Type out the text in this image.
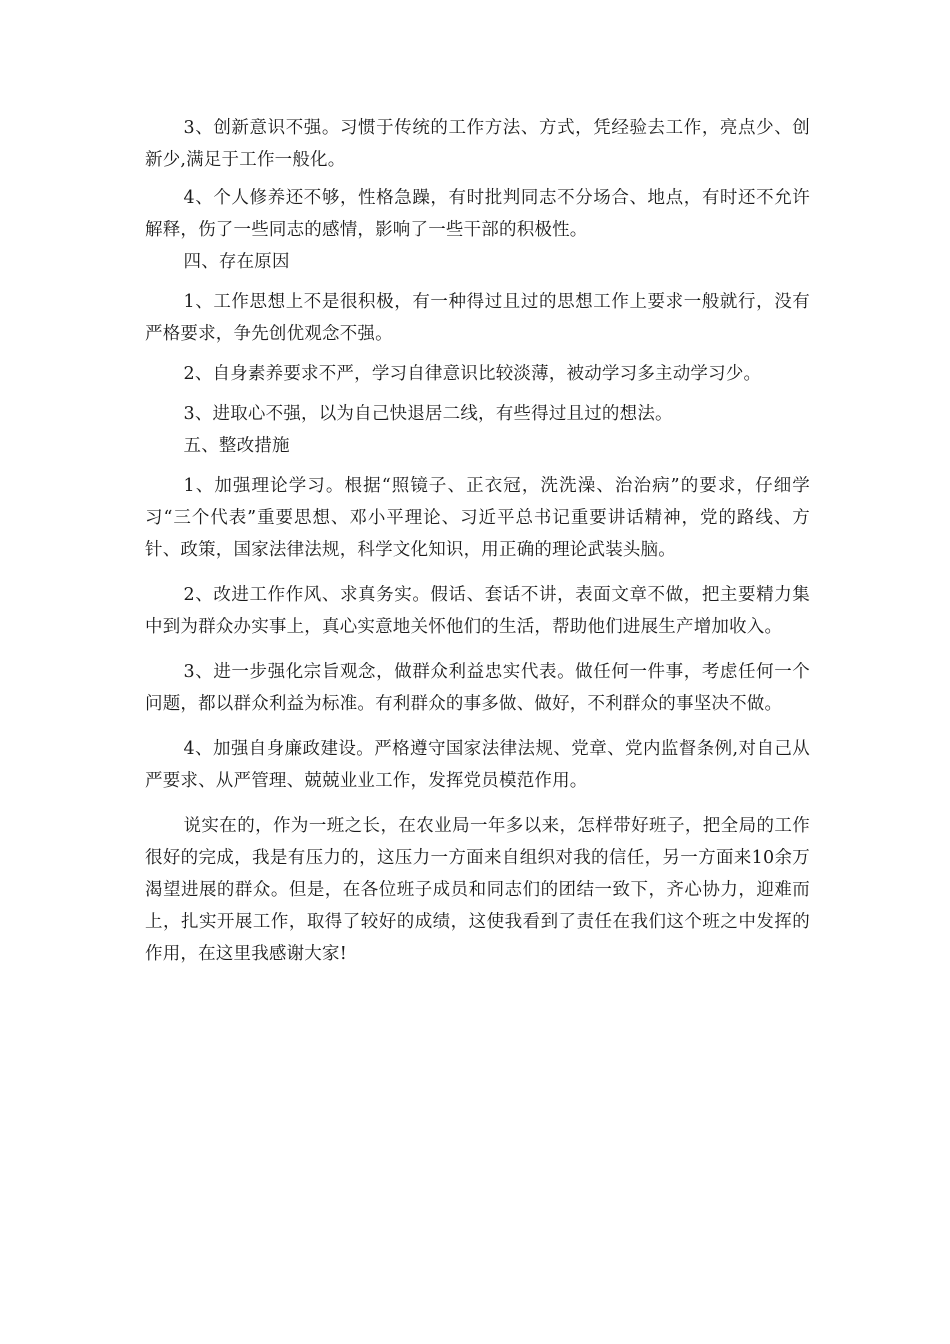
3、创新意识不强。习惯于传统的工作方法、方式，凭经验去工作，亮点少、创新少,满足于工作一般化。

4、个人修养还不够，性格急躁，有时批判同志不分场合、地点，有时还不允许解释，伤了一些同志的感情，影响了一些干部的积极性。

四、存在原因

1、工作思想上不是很积极，有一种得过且过的思想工作上要求一般就行，没有严格要求，争先创优观念不强。

2、自身素养要求不严，学习自律意识比较淡薄，被动学习多主动学习少。

3、进取心不强，以为自己快退居二线，有些得过且过的想法。

五、整改措施

1、加强理论学习。根据“照镜子、正衣冠，洗洗澡、治治病”的要求，仔细学习“三个代表”重要思想、邓小平理论、习近平总书记重要讲话精神，党的路线、方针、政策，国家法律法规，科学文化知识，用正确的理论武装头脑。

2、改进工作作风、求真务实。假话、套话不讲，表面文章不做，把主要精力集中到为群众办实事上，真心实意地关怀他们的生活，帮助他们进展生产增加收入。

3、进一步强化宗旨观念，做群众利益忠实代表。做任何一件事，考虑任何一个问题，都以群众利益为标准。有利群众的事多做、做好，不利群众的事坚决不做。

4、加强自身廉政建设。严格遵守国家法律法规、党章、党内监督条例,对自己从严要求、从严管理、兢兢业业工作，发挥党员模范作用。

说实在的，作为一班之长，在农业局一年多以来，怎样带好班子，把全局的工作很好的完成，我是有压力的，这压力一方面来自组织对我的信任，另一方面来10余万渴望进展的群众。但是，在各位班子成员和同志们的团结一致下，齐心协力，迎难而上，扎实开展工作，取得了较好的成绩，这使我看到了责任在我们这个班之中发挥的作用，在这里我感谢大家!
